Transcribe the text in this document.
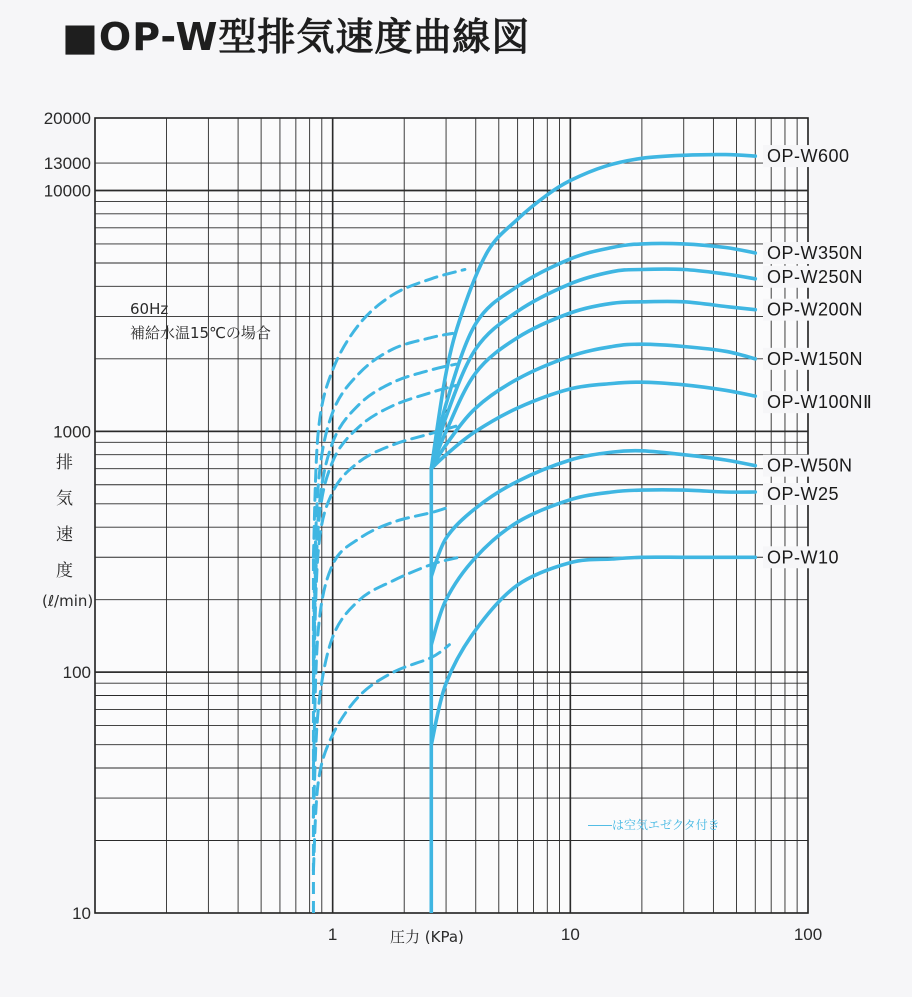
■OP-W型排気速度曲線図
10
100
1000
10000
13000
20000
1	10	100
OP-W600
OP-W350N
OP-W250N
OP-W200N
OP-W150N
OP-W100NⅡ
OP-W50N
OP-W25
OP-W10
60Hz
補給水温15℃の場合
排
気
速
度
(ℓ/min)
圧力 (KPa)
――は空気エゼクタ付き
